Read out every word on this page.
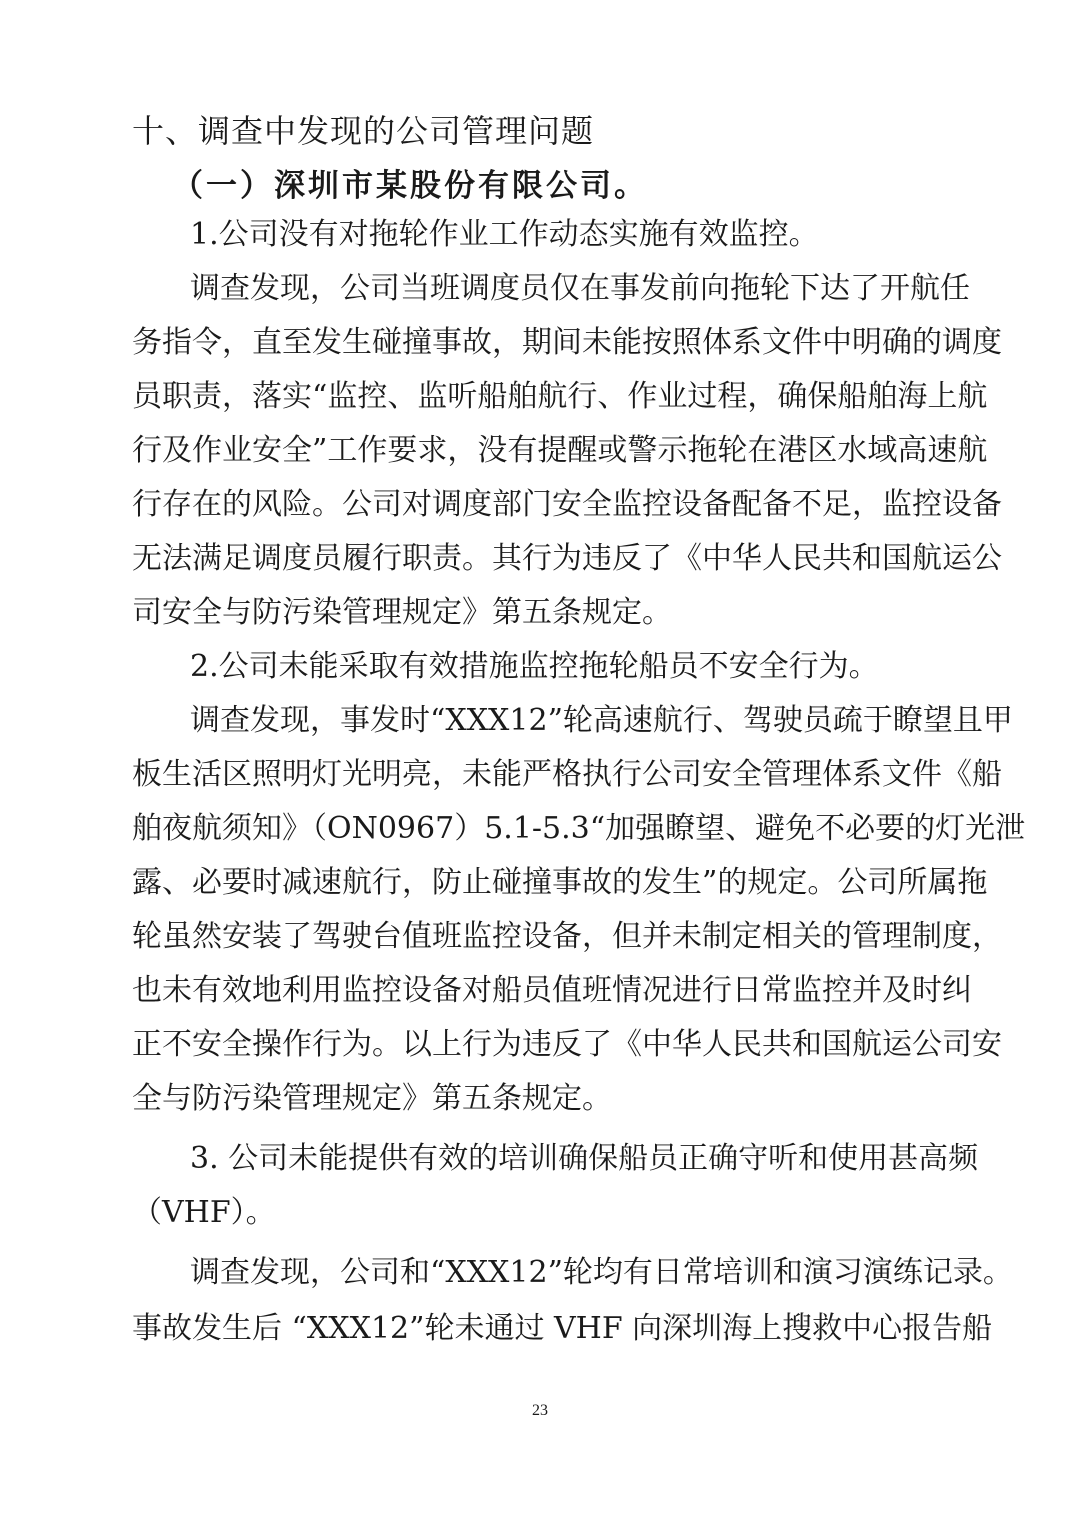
十、调查中发现的公司管理问题
（一）深圳市某股份有限公司。
1.公司没有对拖轮作业工作动态实施有效监控。
调查发现，公司当班调度员仅在事发前向拖轮下达了开航任
务指令，直至发生碰撞事故，期间未能按照体系文件中明确的调度
员职责，落实“监控、监听船舶航行、作业过程，确保船舶海上航
行及作业安全”工作要求，没有提醒或警示拖轮在港区水域高速航
行存在的风险。公司对调度部门安全监控设备配备不足，监控设备
无法满足调度员履行职责。其行为违反了《中华人民共和国航运公
司安全与防污染管理规定》第五条规定。
2.公司未能采取有效措施监控拖轮船员不安全行为。
调查发现，事发时“XXX12”轮高速航行、驾驶员疏于瞭望且甲
板生活区照明灯光明亮，未能严格执行公司安全管理体系文件《船
舶夜航须知》（ON0967）5.1-5.3“加强瞭望、避免不必要的灯光泄
露、必要时减速航行，防止碰撞事故的发生”的规定。公司所属拖
轮虽然安装了驾驶台值班监控设备，但并未制定相关的管理制度，
也未有效地利用监控设备对船员值班情况进行日常监控并及时纠
正不安全操作行为。以上行为违反了《中华人民共和国航运公司安
全与防污染管理规定》第五条规定。
3. 公司未能提供有效的培训确保船员正确守听和使用甚高频
（VHF）。
调查发现，公司和“XXX12”轮均有日常培训和演习演练记录。
事故发生后 “XXX12”轮未通过 VHF 向深圳海上搜救中心报告船
23
